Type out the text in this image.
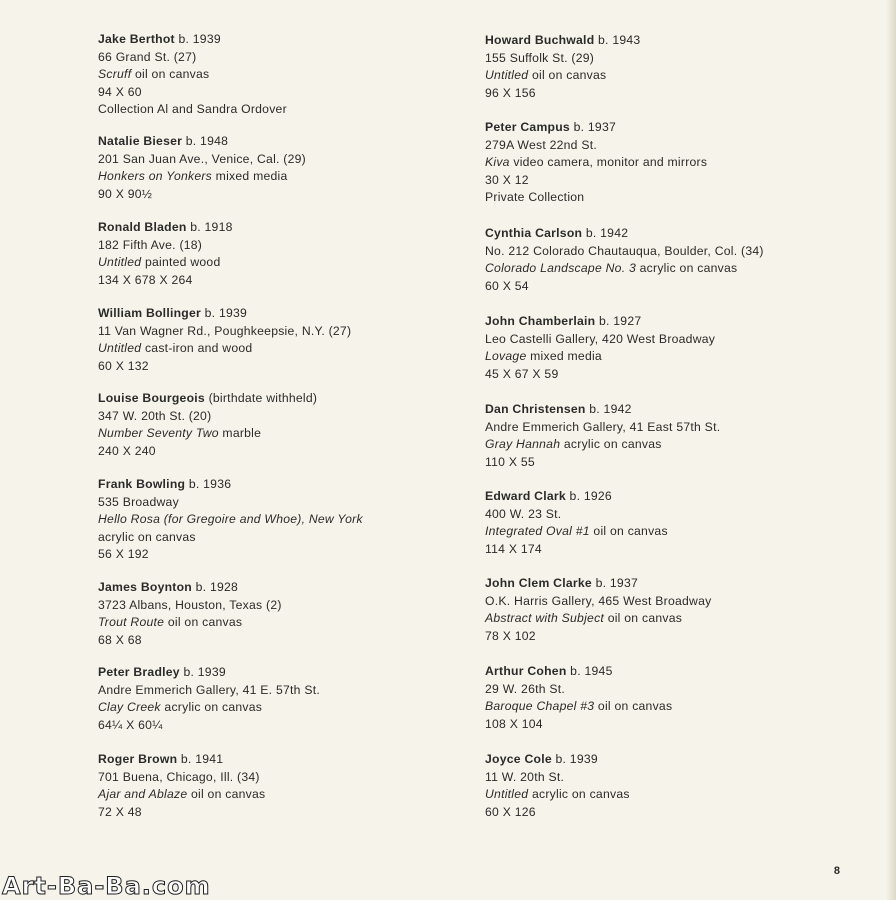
Jake Berthot b. 1939
66 Grand St. (27)
Scruff oil on canvas
94 X 60
Collection Al and Sandra Ordover
Natalie Bieser b. 1948
201 San Juan Ave., Venice, Cal. (29)
Honkers on Yonkers mixed media
90 X 90½
Ronald Bladen b. 1918
182 Fifth Ave. (18)
Untitled painted wood
134 X 678 X 264
William Bollinger b. 1939
11 Van Wagner Rd., Poughkeepsie, N.Y. (27)
Untitled cast-iron and wood
60 X 132
Louise Bourgeois (birthdate withheld)
347 W. 20th St. (20)
Number Seventy Two marble
240 X 240
Frank Bowling b. 1936
535 Broadway
Hello Rosa (for Gregoire and Whoe), New York
acrylic on canvas
56 X 192
James Boynton b. 1928
3723 Albans, Houston, Texas (2)
Trout Route oil on canvas
68 X 68
Peter Bradley b. 1939
Andre Emmerich Gallery, 41 E. 57th St.
Clay Creek acrylic on canvas
64¼ X 60¼
Roger Brown b. 1941
701 Buena, Chicago, Ill. (34)
Ajar and Ablaze oil on canvas
72 X 48
Howard Buchwald b. 1943
155 Suffolk St. (29)
Untitled oil on canvas
96 X 156
Peter Campus b. 1937
279A West 22nd St.
Kiva video camera, monitor and mirrors
30 X 12
Private Collection
Cynthia Carlson b. 1942
No. 212 Colorado Chautauqua, Boulder, Col. (34)
Colorado Landscape No. 3 acrylic on canvas
60 X 54
John Chamberlain b. 1927
Leo Castelli Gallery, 420 West Broadway
Lovage mixed media
45 X 67 X 59
Dan Christensen b. 1942
Andre Emmerich Gallery, 41 East 57th St.
Gray Hannah acrylic on canvas
110 X 55
Edward Clark b. 1926
400 W. 23 St.
Integrated Oval #1 oil on canvas
114 X 174
John Clem Clarke b. 1937
O.K. Harris Gallery, 465 West Broadway
Abstract with Subject oil on canvas
78 X 102
Arthur Cohen b. 1945
29 W. 26th St.
Baroque Chapel #3 oil on canvas
108 X 104
Joyce Cole b. 1939
11 W. 20th St.
Untitled acrylic on canvas
60 X 126
8
Art-Ba-Ba.com
